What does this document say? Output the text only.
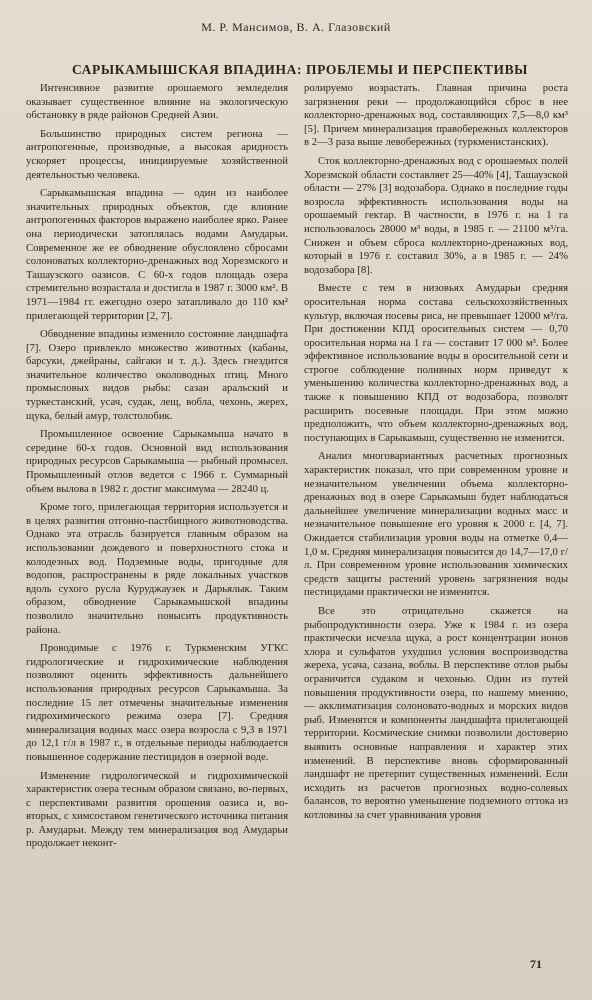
М. Р. Мансимов, В. А. Глазовский
САРЫКАМЫШСКАЯ ВПАДИНА: ПРОБЛЕМЫ И ПЕРСПЕКТИВЫ

Интенсивное развитие орошаемого земледелия оказывает существенное влияние на экологическую обстановку в ряде районов Средней Азии.

Большинство природных систем региона — антропогенные, производные, а высокая аридность ускоряет процессы, инициируемые хозяйственной деятельностью человека.

Сарыкамышская впадина — один из наиболее значительных природных объектов, где влияние антропогенных факторов выражено наиболее ярко. Ранее она периодически затоплялась водами Амударьи. Современное же ее обводнение обусловлено сбросами солоноватых коллекторно-дренажных вод Хорезмского и Ташаузского оазисов. С 60-х годов площадь озера стремительно возрастала и достигла в 1987 г. 3000 км². В 1971—1984 гг. ежегодно озеро затапливало до 110 км² прилегающей территории [2, 7].

Обводнение впадины изменило состояние ландшафта [7]. Озеро привлекло множество животных (кабаны, барсуки, джейраны, сайгаки и т. д.). Здесь гнездится значительное количество околоводных птиц. Много промысловых видов рыбы: сазан аральский и туркестанский, усач, судак, лещ, вобла, чехонь, жерех, щука, белый амур, толстолобик.

Промышленное освоение Сарыкамыша начато в середине 60-х годов. Основной вид использования природных ресурсов Сарыкамыша — рыбный промысел. Промышленный отлов ведется с 1966 г. Суммарный объем вылова в 1982 г. достиг максимума — 28240 ц.

Кроме того, прилегающая территория используется и в целях развития отгонно-пастбищного животноводства. Однако эта отрасль базируется главным образом на использовании дождевого и поверхностного стока и колодезных вод. Подземные воды, пригодные для водопоя, распространены в ряде локальных участков вдоль сухого русла Куруджаузек и Дарьялык. Таким образом, обводнение Сарыкамышской впадины позволило значительно повысить продуктивность района.

Проводимые с 1976 г. Туркменским УГКС гидрологические и гидрохимические наблюдения позволяют оценить эффективность дальнейшего использования природных ресурсов Сарыкамыша. За последние 15 лет отмечены значительные изменения гидрохимического режима озера [7]. Средняя минерализация водных масс озера возросла с 9,3 в 1971 до 12,1 г/л в 1987 г., в отдельные периоды наблюдается повышенное содержание пестицидов в озерной воде.

Изменение гидрологической и гидрохимической характеристик озера тесным образом связано, во-первых, с перспективами развития орошения оазиса и, во-вторых, с химсоставом генетического источника питания р. Амударьи. Между тем минерализация вод Амударьи продолжает неконт-

ролируемо возрастать. Главная причина роста загрязнения реки — продолжающийся сброс в нее коллекторно-дренажных вод, составляющих 7,5—8,0 км³ [5]. Причем минерализация правобережных коллекторов в 2—3 раза выше левобережных (туркменистанских).

Сток коллекторно-дренажных вод с орошаемых полей Хорезмской области составляет 25—40% [4], Ташаузской области — 27% [3] водозабора. Однако в последние годы возросла эффективность использования воды на орошаемый гектар. В частности, в 1976 г. на 1 га использовалось 28000 м³ воды, в 1985 г. — 21100 м³/га. Снижен и объем сброса коллекторно-дренажных вод, который в 1976 г. составил 30%, а в 1985 г. — 24% водозабора [8].

Вместе с тем в низовьях Амударьи средняя оросительная норма состава сельскохозяйственных культур, включая посевы риса, не превышает 12000 м³/га. При достижении КПД оросительных систем — 0,70 оросительная норма на 1 га — составит 17 000 м³. Более эффективное использование воды в оросительной сети и строгое соблюдение поливных норм приведут к уменьшению количества коллекторно-дренажных вод, а также к повышению КПД от водозабора, позволят расширить посевные площади. При этом можно предположить, что объем коллекторно-дренажных вод, поступающих в Сарыкамыш, существенно не изменится.

Анализ многовариантных расчетных прогнозных характеристик показал, что при современном уровне и незначительном увеличении объема коллекторно-дренажных вод в озере Сарыкамыш будет наблюдаться дальнейшее увеличение минерализации водных масс и незначительное повышение его уровня к 2000 г. [4, 7]. Ожидается стабилизация уровня воды на отметке 0,4—1,0 м. Средняя минерализация повысится до 14,7—17,0 г/л. При современном уровне использования химических средств защиты растений уровень загрязнения воды пестицидами практически не изменится.

Все это отрицательно скажется на рыбопродуктивности озера. Уже к 1984 г. из озера практически исчезла щука, а рост концентрации ионов хлора и сульфатов ухудшил условия воспроизводства жереха, усача, сазана, воблы. В перспективе отлов рыбы ограничится судаком и чехонью. Один из путей повышения продуктивности озера, по нашему мнению, — акклиматизация солоновато-водных и морских видов рыб. Изменятся и компоненты ландшафта прилегающей территории. Космические снимки позволили достоверно выявить основные направления и характер этих изменений. В перспективе вновь сформированный ландшафт не претерпит существенных изменений. Если исходить из расчетов прогнозных водно-солевых балансов, то вероятно уменьшение подземного оттока из котловины за счет уравнивания уровня

71
